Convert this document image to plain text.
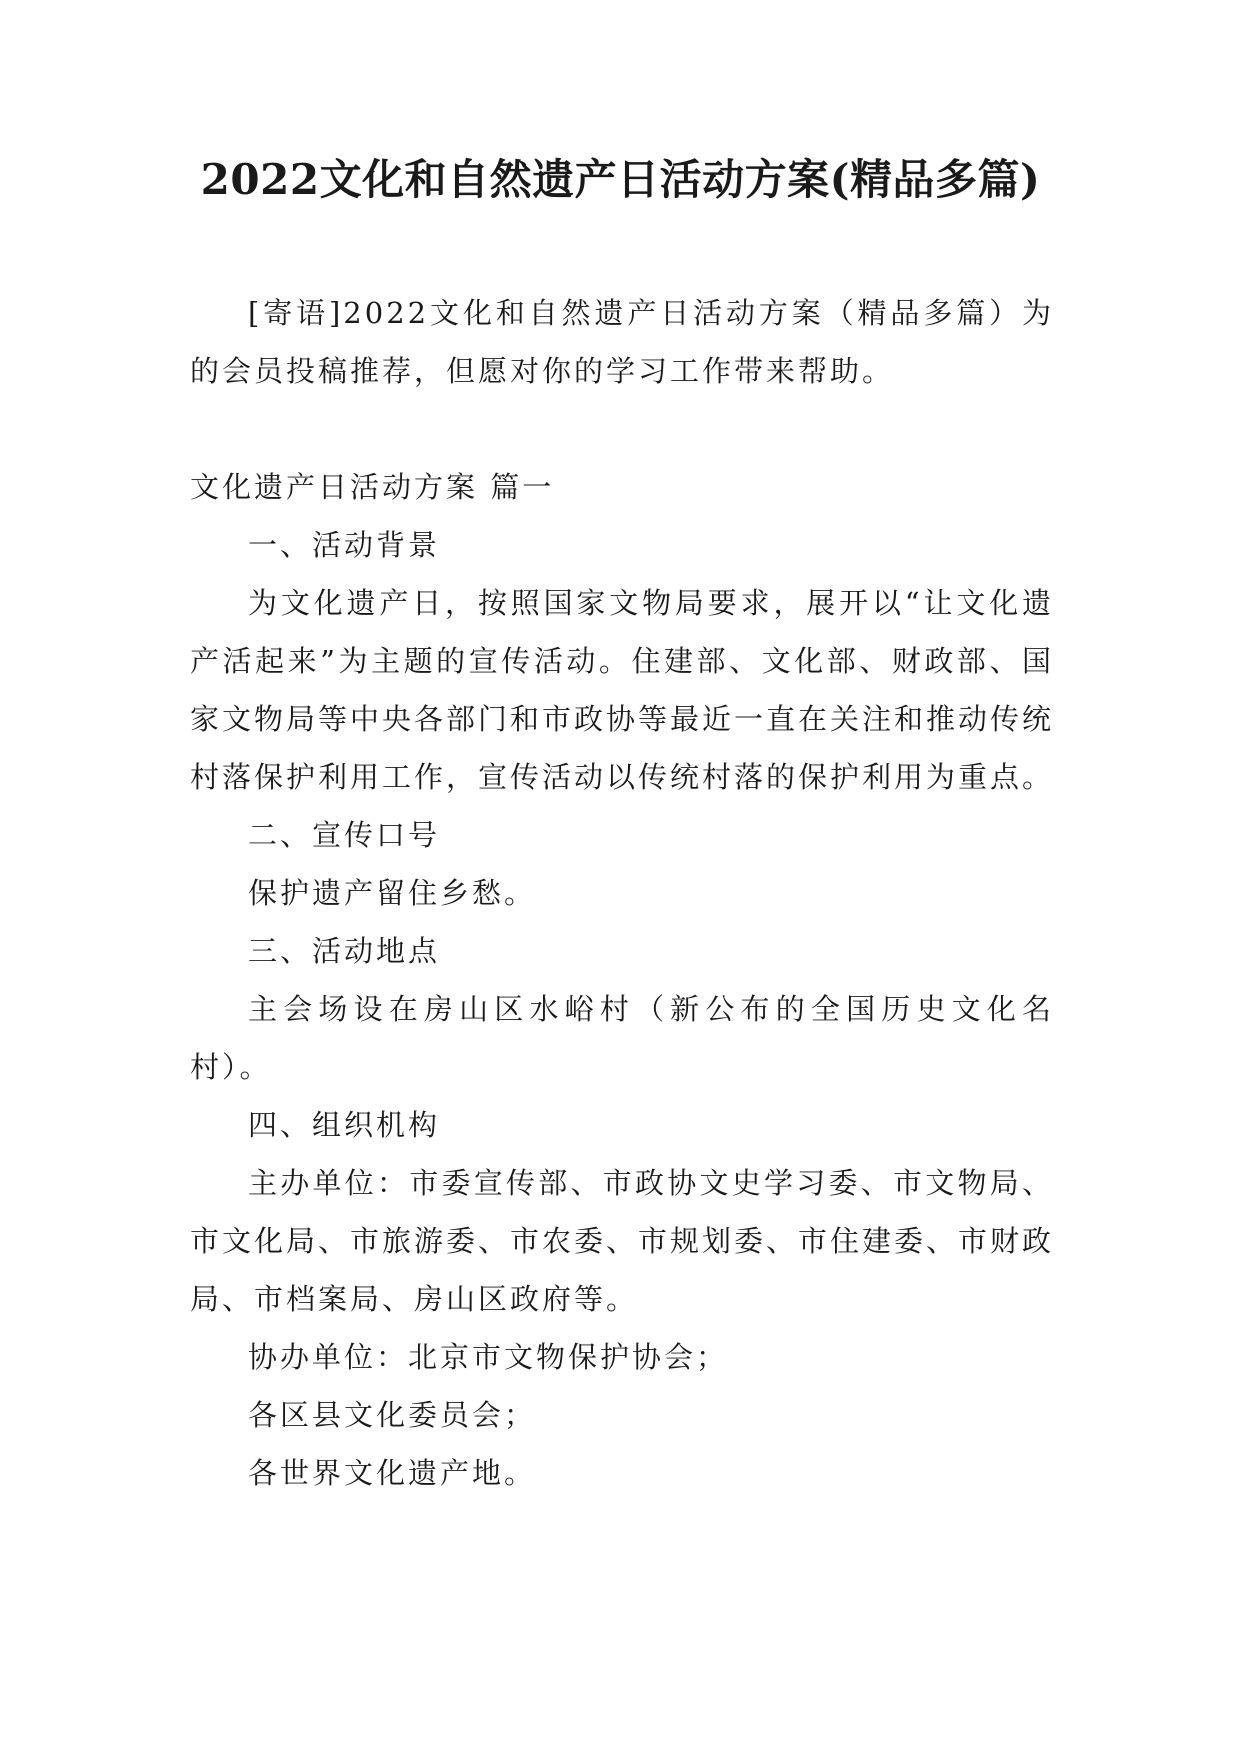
2022文化和自然遗产日活动方案(精品多篇)

[寄语]2022文化和自然遗产日活动方案（精品多篇）为的会员投稿推荐，但愿对你的学习工作带来帮助。

文化遗产日活动方案 篇一

一、活动背景

为文化遗产日，按照国家文物局要求，展开以“让文化遗产活起来”为主题的宣传活动。住建部、文化部、财政部、国家文物局等中央各部门和市政协等最近一直在关注和推动传统村落保护利用工作，宣传活动以传统村落的保护利用为重点。

二、宣传口号

保护遗产留住乡愁。

三、活动地点

主会场设在房山区水峪村（新公布的全国历史文化名村）。

四、组织机构

主办单位：市委宣传部、市政协文史学习委、市文物局、市文化局、市旅游委、市农委、市规划委、市住建委、市财政局、市档案局、房山区政府等。

协办单位：北京市文物保护协会；

各区县文化委员会；

各世界文化遗产地。
